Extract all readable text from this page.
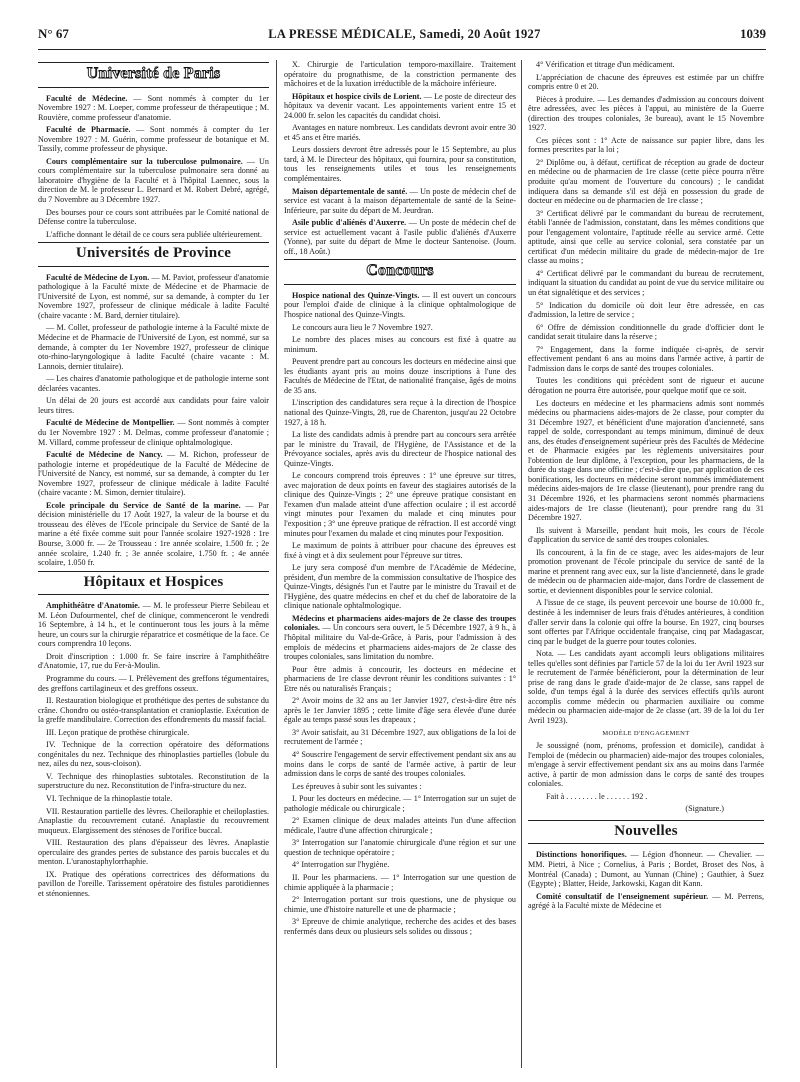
N° 67	LA PRESSE MÉDICALE, Samedi, 20 Août 1927	1039
Université de Paris

Faculté de Médecine. — Sont nommés à compter du 1er Novembre 1927 : M. Loeper, comme professeur de thérapeutique ; M. Rouvière, comme professeur d'anatomie.

Faculté de Pharmacie. — Sont nommés à compter du 1er Novembre 1927 : M. Guérin, comme professeur de botanique et M. Tassily, comme professeur de physique.

Cours complémentaire sur la tuberculose pulmonaire. — Un cours complémentaire sur la tuberculose pulmonaire sera donné au laboratoire d'hygiène de la Faculté et à l'hôpital Laennec, sous la direction de M. le professeur L. Bernard et M. Robert Debré, agrégé, du 7 Novembre au 3 Décembre 1927.

Des bourses pour ce cours sont attribuées par le Comité national de Défense contre la tuberculose.

L'affiche donnant le détail de ce cours sera publiée ultérieurement.

Universités de Province

Faculté de Médecine de Lyon. — M. Paviot, professeur d'anatomie pathologique à la Faculté mixte de Médecine et de Pharmacie de l'Université de Lyon, est nommé, sur sa demande, à compter du 1er Novembre 1927, professeur de clinique médicale à ladite Faculté (chaire vacante : M. Bard, dernier titulaire).

— M. Collet, professeur de pathologie interne à la Faculté mixte de Médecine et de Pharmacie de l'Université de Lyon, est nommé, sur sa demande, à compter du 1er Novembre 1927, professeur de clinique oto-rhino-laryngologique à ladite Faculté (chaire vacante : M. Lannois, dernier titulaire).

— Les chaires d'anatomie pathologique et de pathologie interne sont déclarées vacantes.

Un délai de 20 jours est accordé aux candidats pour faire valoir leurs titres.

Faculté de Médecine de Montpellier. — Sont nommés à compter du 1er Novembre 1927 : M. Delmas, comme professeur d'anatomie ; M. Villard, comme professeur de clinique ophtalmologique.

Faculté de Médecine de Nancy. — M. Richon, professeur de pathologie interne et propédeutique de la Faculté de Médecine de l'Université de Nancy, est nommé, sur sa demande, à compter du 1er Novembre 1927, professeur de clinique médicale à ladite Faculté (chaire vacante : M. Simon, dernier titulaire).

Ecole principale du Service de Santé de la marine. — Par décision ministérielle du 17 Août 1927, la valeur de la bourse et du trousseau des élèves de l'Ecole principale du Service de Santé de la marine a été fixée comme suit pour l'année scolaire 1927-1928 : 1re Bourse, 3.000 fr. — 2e Trousseau : 1re année scolaire, 1.500 fr. ; 2e année scolaire, 1.240 fr. ; 3e année scolaire, 1.750 fr. ; 4e année scolaire, 1.050 fr.

Hôpitaux et Hospices

Amphithéâtre d'Anatomie. — M. le professeur Pierre Sebileau et M. Léon Dufourmentel, chef de clinique, commenceront le vendredi 16 Septembre, à 14 h., et le continueront tous les jours à la même heure, un cours sur la chirurgie réparatrice et cosmétique de la face. Ce cours comprendra 10 leçons.

Droit d'inscription : 1.000 fr. Se faire inscrire à l'amphithéâtre d'Anatomie, 17, rue du Fer-à-Moulin.

Programme du cours. — I. Prélèvement des greffons tégumentaires, des greffons cartilagineux et des greffons osseux.

II. Restauration biologique et prothétique des pertes de substance du crâne. Chondro ou ostéo-transplantation et cranioplastie. Exécution de la greffe mandibulaire. Correction des effondrements du massif facial.

III. Leçon pratique de prothèse chirurgicale.

IV. Technique de la correction opératoire des déformations congénitales du nez. Technique des rhinoplasties partielles (lobule du nez, ailes du nez, sous-cloison).

V. Technique des rhinoplasties subtotales. Reconstitution de la superstructure du nez. Reconstitution de l'infra-structure du nez.

VI. Technique de la rhinoplastie totale.

VII. Restauration partielle des lèvres. Cheiloraphie et cheiloplasties. Anaplastie du recouvrement cutané. Anaplastie du recouvrement muqueux. Elargissement des sténoses de l'orifice buccal.

VIII. Restauration des plans d'épaisseur des lèvres. Anaplastie operculaire des grandes pertes de substance des parois buccales et du menton. L'uranostaphylorrhaphie.

IX. Pratique des opérations correctrices des déformations du pavillon de l'oreille. Tarissement opératoire des fistules parotidiennes et sténoniennes.

X. Chirurgie de l'articulation temporo-maxillaire. Traitement opératoire du prognathisme, de la constriction permanente des mâchoires et de la luxation irréductible de la mâchoire inférieure.

Hôpitaux et hospice civils de Lorient. — Le poste de directeur des hôpitaux va devenir vacant. Les appointements varient entre 15 et 24.000 fr. selon les capacités du candidat choisi.

Avantages en nature nombreux. Les candidats devront avoir entre 30 et 45 ans et être mariés.

Leurs dossiers devront être adressés pour le 15 Septembre, au plus tard, à M. le Directeur des hôpitaux, qui fournira, pour sa constitution, tous les renseignements utiles et tous les renseignements complémentaires.

Maison départementale de santé. — Un poste de médecin chef de service est vacant à la maison départementale de santé de la Seine-Inférieure, par suite du départ de M. Jeurdran.

Asile public d'aliénés d'Auxerre. — Un poste de médecin chef de service est actuellement vacant à l'asile public d'aliénés d'Auxerre (Yonne), par suite du départ de Mme le docteur Santenoise. (Journ. off., 18 Août.)

Concours

Hospice national des Quinze-Vingts. — Il est ouvert un concours pour l'emploi d'aide de clinique à la clinique ophtalmologique de l'hospice national des Quinze-Vingts.

Le concours aura lieu le 7 Novembre 1927.

Le nombre des places mises au concours est fixé à quatre au minimum.

Peuvent prendre part au concours les docteurs en médecine ainsi que les étudiants ayant pris au moins douze inscriptions à l'une des Facultés de Médecine de l'Etat, de nationalité française, âgés de moins de 35 ans.

L'inscription des candidatures sera reçue à la direction de l'hospice national des Quinze-Vingts, 28, rue de Charenton, jusqu'au 22 Octobre 1927, à 18 h.

La liste des candidats admis à prendre part au concours sera arrêtée par le ministre du Travail, de l'Hygiène, de l'Assistance et de la Prévoyance sociales, après avis du directeur de l'hospice national des Quinze-Vingts.

Le concours comprend trois épreuves : 1° une épreuve sur titres, avec majoration de deux points en faveur des stagiaires autorisés de la clinique des Quinze-Vingts ; 2° une épreuve pratique consistant en l'examen d'un malade atteint d'une affection oculaire ; il est accordé vingt minutes pour l'examen du malade et cinq minutes pour l'exposition ; 3° une épreuve pratique de réfraction. Il est accordé vingt minutes pour l'examen du malade et cinq minutes pour l'exposition.

Le maximum de points à attribuer pour chacune des épreuves est fixé à vingt et à dix seulement pour l'épreuve sur titres.

Le jury sera composé d'un membre de l'Académie de Médecine, président, d'un membre de la commission consultative de l'hospice des Quinze-Vingts, désignés l'un et l'autre par le ministre du Travail et de l'Hygiène, des quatre médecins en chef et du chef de laboratoire de la clinique nationale ophtalmologique.

Médecins et pharmaciens aides-majors de 2e classe des troupes coloniales. — Un concours sera ouvert, le 5 Décembre 1927, à 9 h., à l'hôpital militaire du Val-de-Grâce, à Paris, pour l'admission à des emplois de médecins et pharmaciens aides-majors de 2e classe des troupes coloniales, sans limitation du nombre.

Pour être admis à concourir, les docteurs en médecine et pharmaciens de 1re classe devront réunir les conditions suivantes : 1° Etre nés ou naturalisés Français ;

2° Avoir moins de 32 ans au 1er Janvier 1927, c'est-à-dire être nés après le 1er Janvier 1895 ; cette limite d'âge sera élevée d'une durée égale au temps passé sous les drapeaux ;

3° Avoir satisfait, au 31 Décembre 1927, aux obligations de la loi de recrutement de l'armée ;

4° Souscrire l'engagement de servir effectivement pendant six ans au moins dans le corps de santé de l'armée active, à partir de leur admission dans le corps de santé des troupes coloniales.

Les épreuves à subir sont les suivantes :

I. Pour les docteurs en médecine. — 1° Interrogation sur un sujet de pathologie médicale ou chirurgicale ;

2° Examen clinique de deux malades atteints l'un d'une affection médicale, l'autre d'une affection chirurgicale ;

3° Interrogation sur l'anatomie chirurgicale d'une région et sur une question de technique opératoire ;

4° Interrogation sur l'hygiène.

II. Pour les pharmaciens. — 1° Interrogation sur une question de chimie appliquée à la pharmacie ;

2° Interrogation portant sur trois questions, une de physique ou chimie, une d'histoire naturelle et une de pharmacie ;

3° Epreuve de chimie analytique, recherche des acides et des bases renfermés dans deux ou plusieurs sels solides ou dissous ;

4° Vérification et titrage d'un médicament.

L'appréciation de chacune des épreuves est estimée par un chiffre compris entre 0 et 20.

Pièces à produire. — Les demandes d'admission au concours doivent être adressées, avec les pièces à l'appui, au ministère de la Guerre (direction des troupes coloniales, 3e bureau), avant le 15 Novembre 1927.

Ces pièces sont : 1° Acte de naissance sur papier libre, dans les formes prescrites par la loi ;

2° Diplôme ou, à défaut, certificat de réception au grade de docteur en médecine ou de pharmacien de 1re classe (cette pièce pourra n'être produite qu'au moment de l'ouverture du concours) ; le candidat indiquera dans sa demande s'il est déjà en possession du grade de docteur en médecine ou de pharmacien de 1re classe ;

3° Certificat délivré par le commandant du bureau de recrutement, établi l'année de l'admission, constatant, dans les mêmes conditions que pour l'engagement volontaire, l'aptitude réelle au service armé. Cette aptitude, ainsi que celle au service colonial, sera constatée par un certificat d'un médecin militaire du grade de médecin-major de 1re classe au moins ;

4° Certificat délivré par le commandant du bureau de recrutement, indiquant la situation du candidat au point de vue du service militaire ou un état signalétique et des services ;

5° Indication du domicile où doit leur être adressée, en cas d'admission, la lettre de service ;

6° Offre de démission conditionnelle du grade d'officier dont le candidat serait titulaire dans la réserve ;

7° Engagement, dans la forme indiquée ci-après, de servir effectivement pendant 6 ans au moins dans l'armée active, à partir de l'admission dans le corps de santé des troupes coloniales.

Toutes les conditions qui précèdent sont de rigueur et aucune dérogation ne pourra être autorisée, pour quelque motif que ce soit.

Les docteurs en médecine et les pharmaciens admis sont nommés médecins ou pharmaciens aides-majors de 2e classe, pour compter du 31 Décembre 1927, et bénéficient d'une majoration d'ancienneté, sans rappel de solde, correspondant au temps minimum, diminué de deux ans, des études d'enseignement supérieur près des Facultés de Médecine et de Pharmacie exigées par les règlements universitaires pour l'obtention de leur diplôme, à l'exception, pour les pharmaciens, de la durée du stage dans une officine ; c'est-à-dire que, par application de ces bonifications, les docteurs en médecine seront nommés immédiatement médecins aides-majors de 1re classe (lieutenant), pour prendre rang du 31 Décembre 1926, et les pharmaciens seront nommés pharmaciens aides-majors de 1re classe (lieutenant), pour prendre rang du 31 Décembre 1927.

Ils suivent à Marseille, pendant huit mois, les cours de l'école d'application du service de santé des troupes coloniales.

Ils concourent, à la fin de ce stage, avec les aides-majors de leur promotion provenant de l'école principale du service de santé de la marine et prennent rang avec eux, sur la liste d'ancienneté, dans le grade de médecin ou de pharmacien aide-major, dans l'ordre de classement de sortie, et deviennent disponibles pour le service colonial.

A l'issue de ce stage, ils peuvent percevoir une bourse de 10.000 fr., destinée à les indemniser de leurs frais d'études antérieures, à condition d'aller servir dans la colonie qui offre la bourse. En 1927, cinq bourses sont offertes par l'Afrique occidentale française, cinq par Madagascar, cinq par le budget de la guerre pour toutes colonies.

Nota. — Les candidats ayant accompli leurs obligations militaires telles qu'elles sont définies par l'article 57 de la loi du 1er Avril 1923 sur le recrutement de l'armée bénéficieront, pour la détermination de leur prise de rang dans le grade d'aide-major de 2e classe, sans rappel de solde, d'un temps égal à la durée des services effectifs qu'ils auront accomplis comme médecin ou pharmacien auxiliaire ou comme médecin ou pharmacien aide-major de 2e classe (art. 39 de la loi du 1er Avril 1923).

MODÈLE D'ENGAGEMENT

Je soussigné (nom, prénoms, profession et domicile), candidat à l'emploi de (médecin ou pharmacien) aide-major des troupes coloniales, m'engage à servir effectivement pendant six ans au moins dans l'armée active, à partir de mon admission dans le corps de santé des troupes coloniales.

Fait à . . . . . . . . le . . . . . . 192 .

(Signature.)

Nouvelles

Distinctions honorifiques. — Légion d'honneur. — Chevalier. — MM. Pietri, à Nice ; Cornelius, à Paris ; Bordet, Broset des Nos, à Montréal (Canada) ; Dumont, au Yunnan (Chine) ; Gauthier, à Suez (Egypte) ; Blatter, Heide, Jarkowski, Kagan dit Kann.

Comité consultatif de l'enseignement supérieur. — M. Perrens, agrégé à la Faculté mixte de Médecine et
